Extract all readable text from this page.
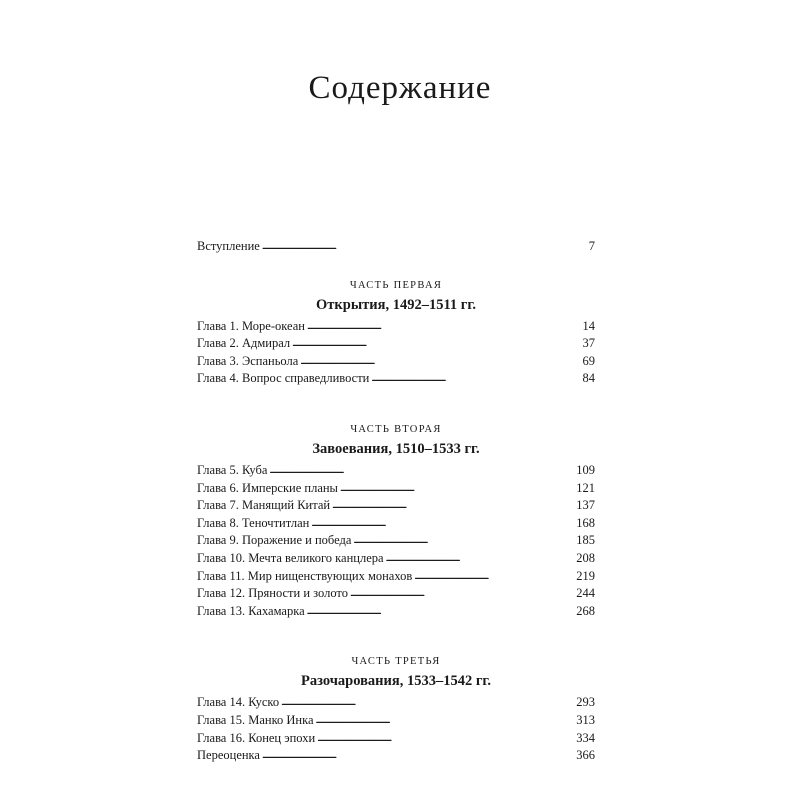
Содержание
Вступление . . .	7
ЧАСТЬ ПЕРВАЯ
Открытия, 1492–1511 гг.
Глава 1. Море-океан . . .	14
Глава 2. Адмирал . . .	37
Глава 3. Эспаньола . . .	69
Глава 4. Вопрос справедливости . . .	84
ЧАСТЬ ВТОРАЯ
Завоевания, 1510–1533 гг.
Глава 5. Куба . . .	109
Глава 6. Имперские планы . . .	121
Глава 7. Манящий Китай . . .	137
Глава 8. Теночтитлан . . .	168
Глава 9. Поражение и победа . . .	185
Глава 10. Мечта великого канцлера . . .	208
Глава 11. Мир нищенствующих монахов . . .	219
Глава 12. Пряности и золото . . .	244
Глава 13. Кахамарка . . .	268
ЧАСТЬ ТРЕТЬЯ
Разочарования, 1533–1542 гг.
Глава 14. Куско . . .	293
Глава 15. Манко Инка . . .	313
Глава 16. Конец эпохи . . .	334
Переоценка . . .	366
